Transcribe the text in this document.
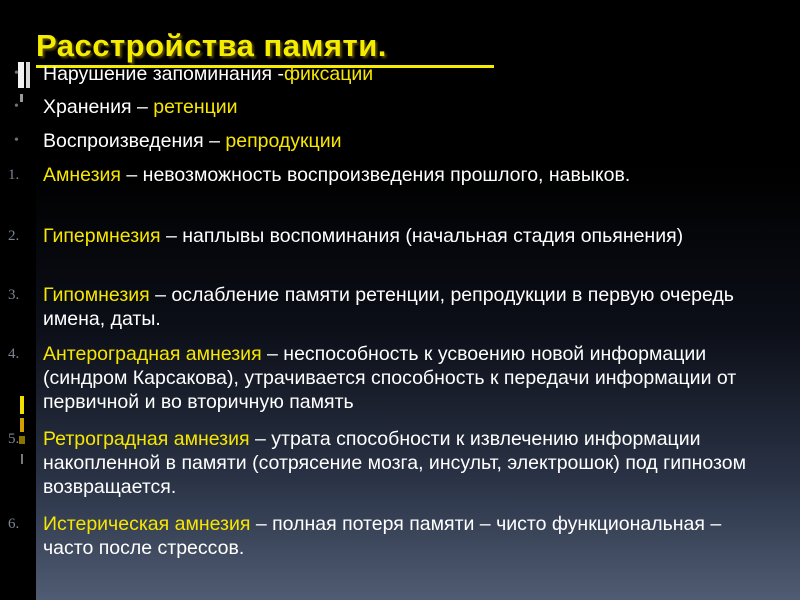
Расстройства памяти.
•	Нарушение запоминания -фиксации

•	Хранения – ретенции

•	Воспроизведения – репродукции

1.	Амнезия – невозможность воспроизведения прошлого, навыков.

2.	Гипермнезия – наплывы воспоминания (начальная стадия опьянения)

3.	Гипомнезия – ослабление памяти ретенции, репродукции в первую очередь имена, даты.

4.	Антероградная амнезия – неспособность к усвоению новой информации (синдром Карсакова), утрачивается способность к передачи информации от первичной и во вторичную память

5.	Ретроградная амнезия – утрата способности к извлечению информации накопленной в памяти (сотрясение мозга, инсульт, электрошок) под гипнозом возвращается.

6.	Истерическая амнезия – полная потеря памяти – чисто функциональная – часто после стрессов.
